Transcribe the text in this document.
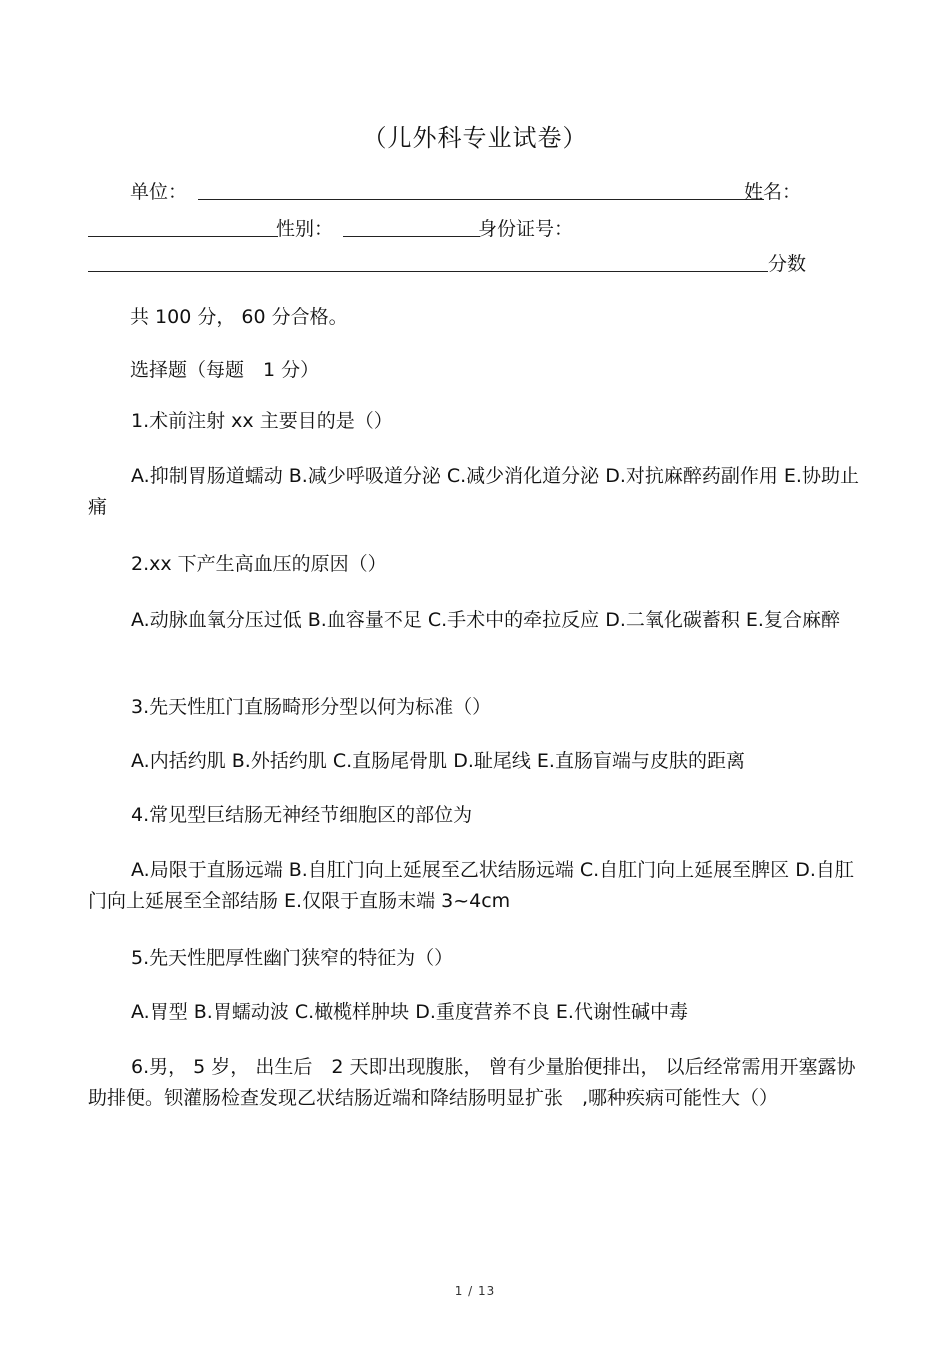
（儿外科专业试卷）
单位：	姓名：
性别：	身份证号：
分数
共 100 分， 60 分合格。
选择题（每题　1 分）
1.术前注射 xx 主要目的是（）
A.抑制胃肠道蠕动 B.减少呼吸道分泌 C.减少消化道分泌 D.对抗麻醉药副作用 E.协助止痛
2.xx 下产生高血压的原因（）
A.动脉血氧分压过低 B.血容量不足 C.手术中的牵拉反应 D.二氧化碳蓄积 E.复合麻醉
3.先天性肛门直肠畸形分型以何为标准（）
A.内括约肌 B.外括约肌 C.直肠尾骨肌 D.耻尾线 E.直肠盲端与皮肤的距离
4.常见型巨结肠无神经节细胞区的部位为
A.局限于直肠远端 B.自肛门向上延展至乙状结肠远端 C.自肛门向上延展至脾区 D.自肛门向上延展至全部结肠 E.仅限于直肠末端 3~4cm
5.先天性肥厚性幽门狭窄的特征为（）
A.胃型 B.胃蠕动波 C.橄榄样肿块 D.重度营养不良 E.代谢性碱中毒
6.男， 5 岁， 出生后　2 天即出现腹胀， 曾有少量胎便排出， 以后经常需用开塞露协助排便。钡灌肠检查发现乙状结肠近端和降结肠明显扩张　,哪种疾病可能性大（）
1 / 13
